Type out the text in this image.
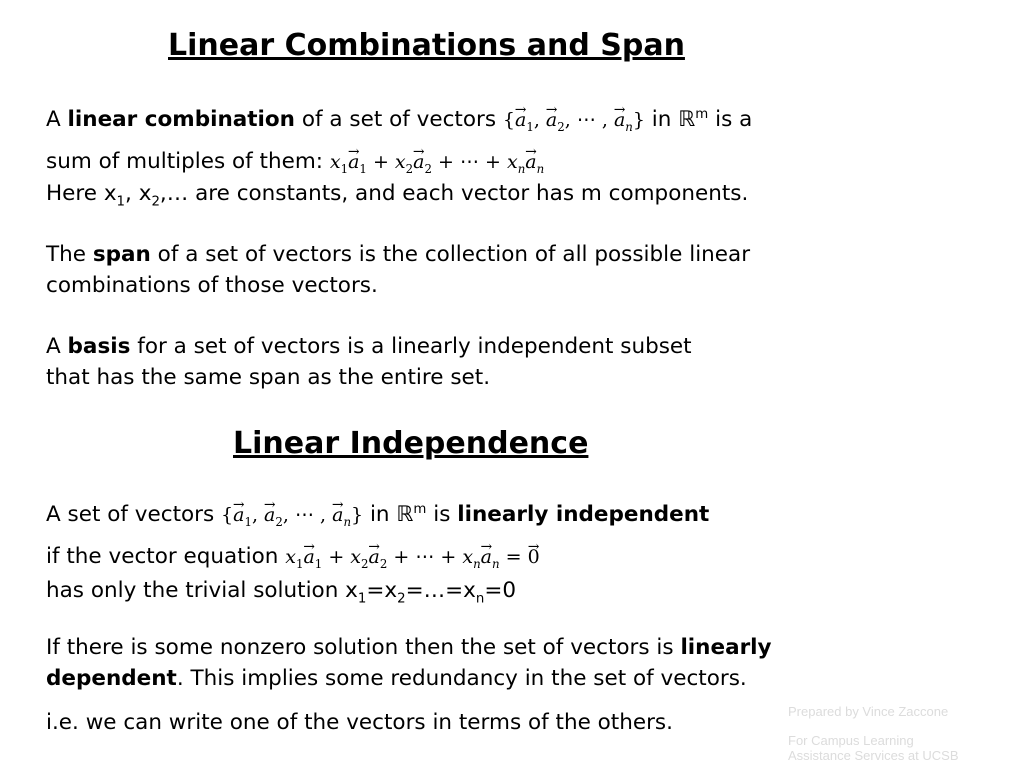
Linear Combinations and Span

A linear combination of a set of vectors {→ $a_1$, → $a_2$, ⋯ , → $a_n$} in ℝ$^m$ is a
sum of multiples of them: $x_1\to a_1 + x_2\to a_2$ + ⋯ + $x_n\to a_n$

Here $x_1$, $x_2,\dots$ are constants, and each vector has m components.

The span of a set of vectors is the collection of all possible linear
combinations of those vectors.

A basis for a set of vectors is a linearly independent subset
that has the same span as the entire set.

Linear Independence

A set of vectors {→ $a_1$, → $a_2$, ⋯ , → $a_n$} in ℝ$^m$ is linearly independent
if the vector equation $x_1\to a_1 + x_2\to a_2$ + ⋯ + $x_n\to a_n$ = → 0

has only the trivial solution $x_1=x_2=\dots=x_n=0$

If there is some nonzero solution then the set of vectors is linearly
dependent. This implies some redundancy in the set of vectors.

i.e. we can write one of the vectors in terms of the others.	Prepared by Vince Zaccone
For Campus Learning
Assistance Services at UCSB
